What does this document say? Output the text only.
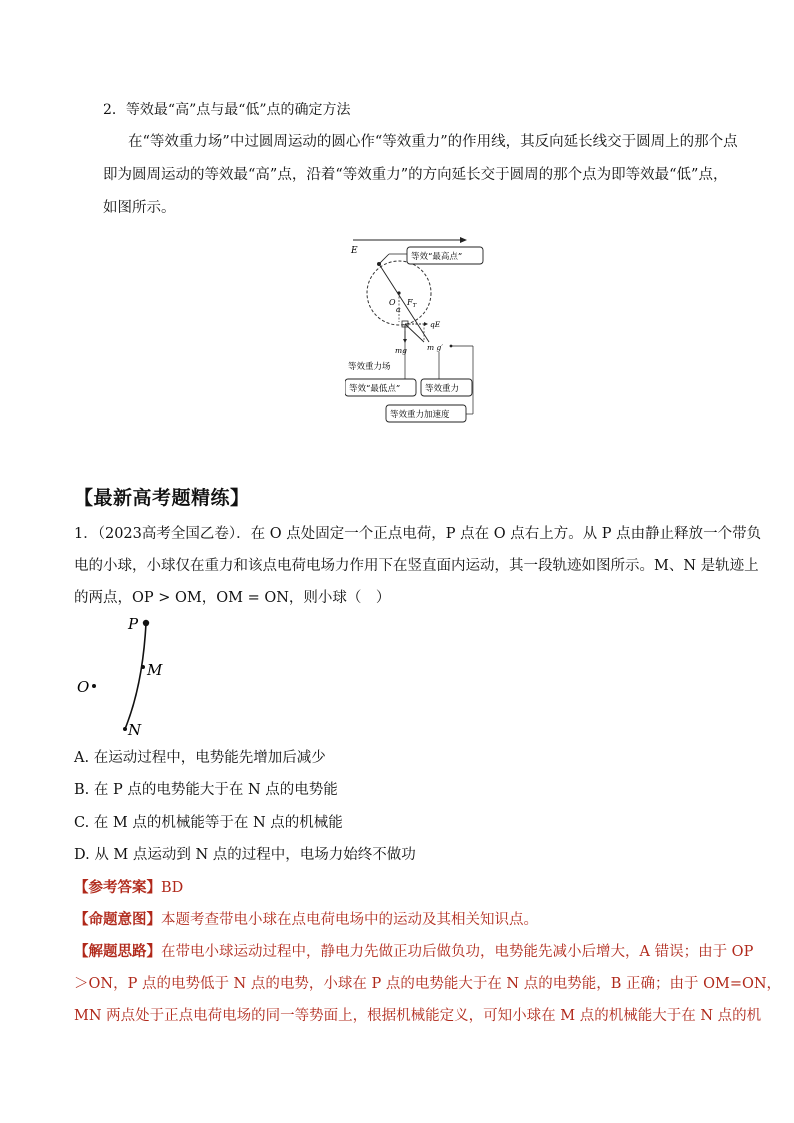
2．等效最“高”点与最“低”点的确定方法
在“等效重力场”中过圆周运动的圆心作“等效重力”的作用线，其反向延长线交于圆周上的那个点
即为圆周运动的等效最“高”点，沿着“等效重力”的方向延长交于圆周的那个点为即等效最“低”点，
如图所示。
E
O
α
$F_T$
qE
mg	m g′
等效“最高点”
等效重力场
等效“最低点”	等效重力
等效重力加速度
【最新高考题精练】
1．（2023高考全国乙卷）．在 O 点处固定一个正点电荷，P 点在 O 点右上方。从 P 点由静止释放一个带负
电的小球，小球仅在重力和该点电荷电场力作用下在竖直面内运动，其一段轨迹如图所示。M、N 是轨迹上
的两点，OP > OM，OM = ON，则小球（　）
P
M
O
N
A. 在运动过程中，电势能先增加后减少
B. 在 P 点的电势能大于在 N 点的电势能
C. 在 M 点的机械能等于在 N 点的机械能
D. 从 M 点运动到 N 点的过程中，电场力始终不做功
【参考答案】BD
【命题意图】本题考查带电小球在点电荷电场中的运动及其相关知识点。
【解题思路】在带电小球运动过程中，静电力先做正功后做负功，电势能先减小后增大，A 错误；由于 OP
＞ON，P 点的电势低于 N 点的电势，小球在 P 点的电势能大于在 N 点的电势能，B 正确；由于 OM=ON，
MN 两点处于正点电荷电场的同一等势面上，根据机械能定义，可知小球在 M 点的机械能大于在 N 点的机
